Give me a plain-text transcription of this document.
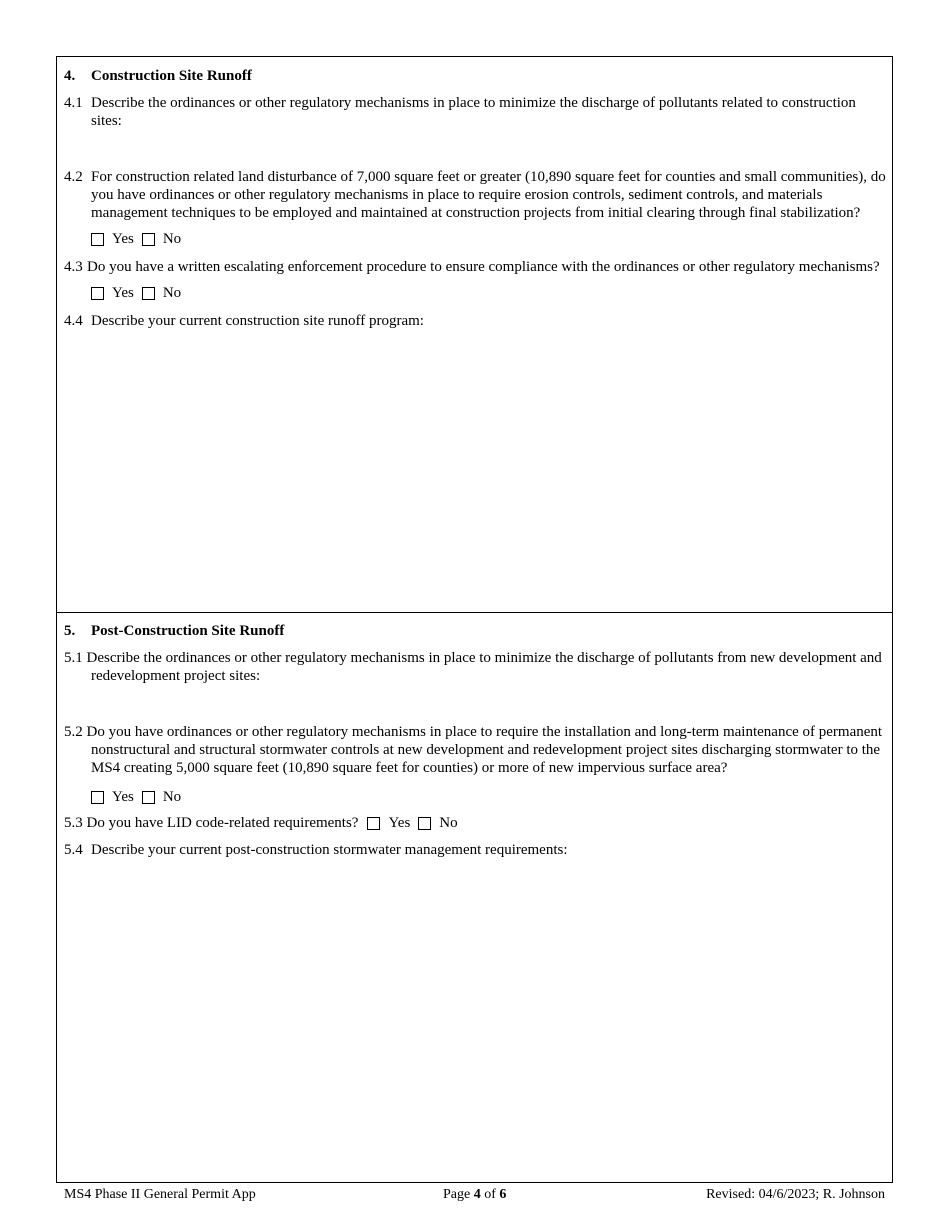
4. Construction Site Runoff
4.1 Describe the ordinances or other regulatory mechanisms in place to minimize the discharge of pollutants related to construction sites:
4.2 For construction related land disturbance of 7,000 square feet or greater (10,890 square feet for counties and small communities), do you have ordinances or other regulatory mechanisms in place to require erosion controls, sediment controls, and materials management techniques to be employed and maintained at construction projects from initial clearing through final stabilization?
Yes No
4.3 Do you have a written escalating enforcement procedure to ensure compliance with the ordinances or other regulatory mechanisms?
Yes No
4.4 Describe your current construction site runoff program:
5. Post-Construction Site Runoff
5.1 Describe the ordinances or other regulatory mechanisms in place to minimize the discharge of pollutants from new development and
redevelopment project sites:
5.2 Do you have ordinances or other regulatory mechanisms in place to require the installation and long-term maintenance of permanent
nonstructural and structural stormwater controls at new development and redevelopment project sites discharging stormwater to the MS4 creating 5,000 square feet (10,890 square feet for counties) or more of new impervious surface area?
Yes No
5.3
Do you have LID code-related requirements? Yes No
5.4 Describe your current post-construction stormwater management requirements:
MS4 Phase II General Permit App	Page 4 of 6	Revised: 04/6/2023; R. Johnson
